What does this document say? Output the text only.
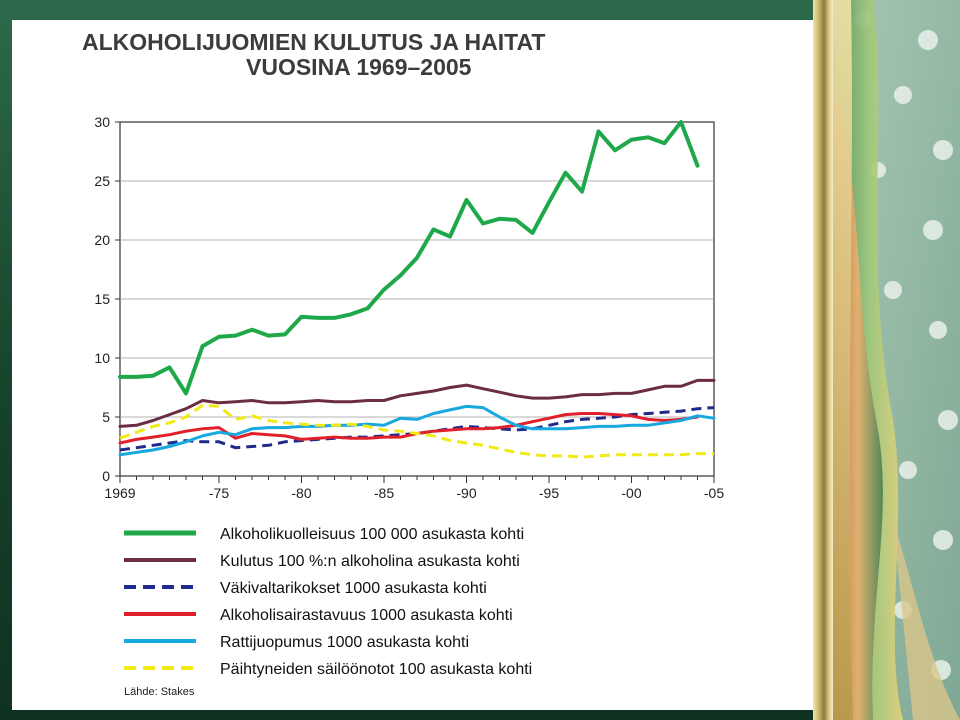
ALKOHOLIJUOMIEN KULUTUS JA HAITAT
VUOSINA 1969–2005
0
5
10
15
20
25
30
1969	-75	-80	-85	-90	-95	-00	-05
Alkoholikuolleisuus 100 000 asukasta kohti
Kulutus 100 %:n alkoholina asukasta kohti
Väkivaltarikokset 1000 asukasta kohti
Alkoholisairastavuus 1000 asukasta kohti
Rattijuopumus 1000 asukasta kohti
Päihtyneiden säilöönotot 100 asukasta kohti
Lähde: Stakes
